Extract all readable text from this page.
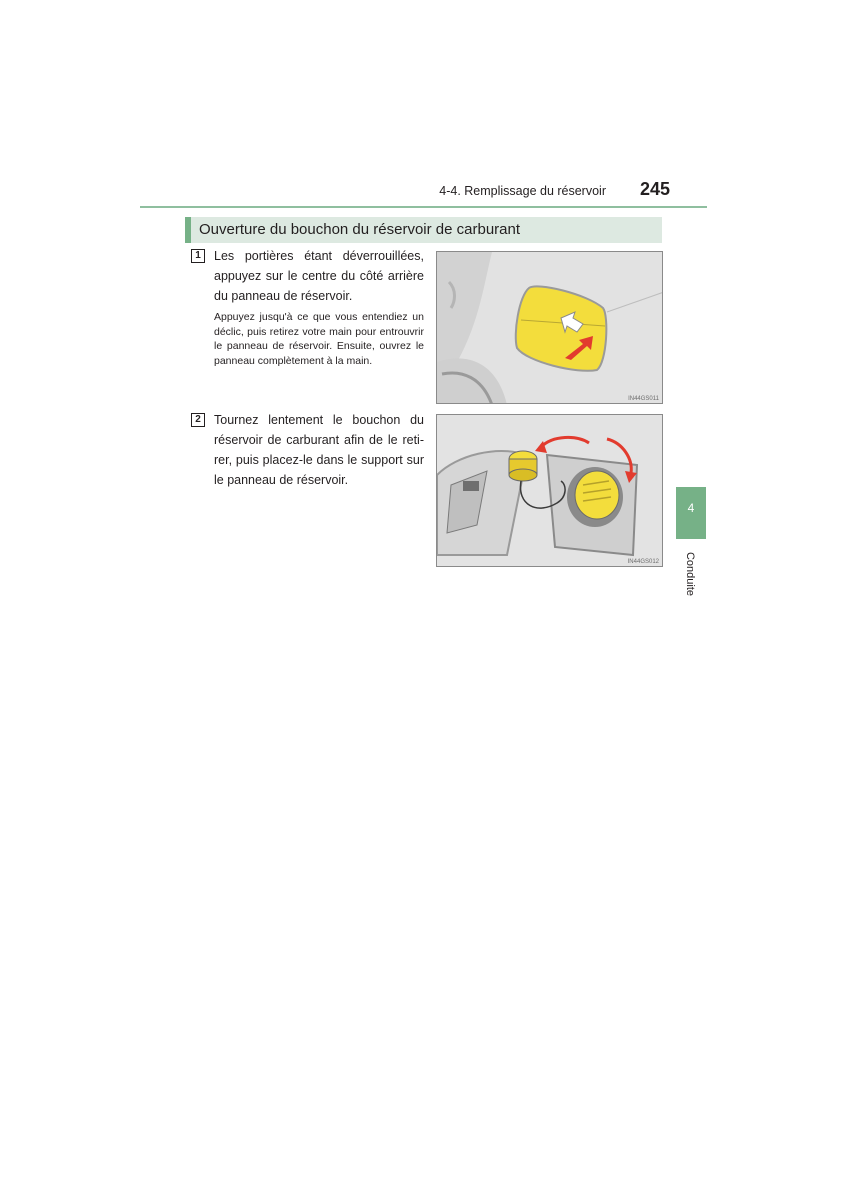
4-4. Remplissage du réservoir	245
Ouverture du bouchon du réservoir de carburant
1	Les portières étant déverrouillées, appuyez sur le centre du côté arrière du panneau de réservoir.
Appuyez jusqu'à ce que vous entendiez un déclic, puis retirez votre main pour entrouvrir le panneau de réservoir. Ensuite, ouvrez le panneau complètement à la main.
IN44GS011
2	Tournez lentement le bouchon du réservoir de carburant afin de le retirer, puis placez-le dans le support sur le panneau de réservoir.
IN44GS012
4
Conduite
